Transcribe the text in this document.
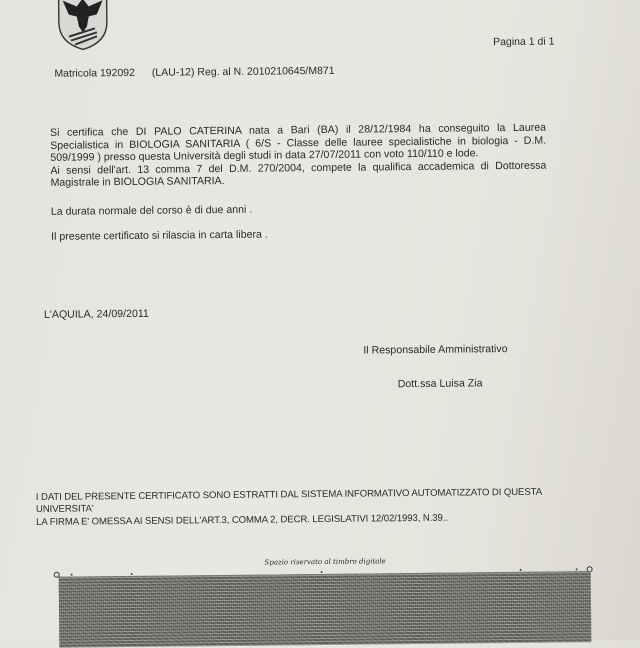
Matricola 192092 (LAU-12) Reg. al N. 2010210645/M871
Pagina 1 di 1
Si certifica che DI PALO CATERINA nata a Bari (BA) il 28/12/1984 ha conseguito la Laurea
Specialistica in BIOLOGIA SANITARIA ( 6/S - Classe delle lauree specialistiche in biologia - D.M.
509/1999 ) presso questa Università degli studi in data 27/07/2011 con voto 110/110 e lode.
Ai sensi dell'art. 13 comma 7 del D.M. 270/2004, compete la qualifica accademica di Dottoressa
Magistrale in BIOLOGIA SANITARIA.
La durata normale del corso è di due anni .
Il presente certificato si rilascia in carta libera .
L'AQUILA, 24/09/2011
Il Responsabile Amministrativo
Dott.ssa Luisa Zia
I DATI DEL PRESENTE CERTIFICATO SONO ESTRATTI DAL SISTEMA INFORMATIVO AUTOMATIZZATO DI QUESTA
UNIVERSITA'
LA FIRMA E' OMESSA AI SENSI DELL'ART.3, COMMA 2, DECR. LEGISLATIVI 12/02/1993, N.39..
Spazio riservato al timbro digitale
